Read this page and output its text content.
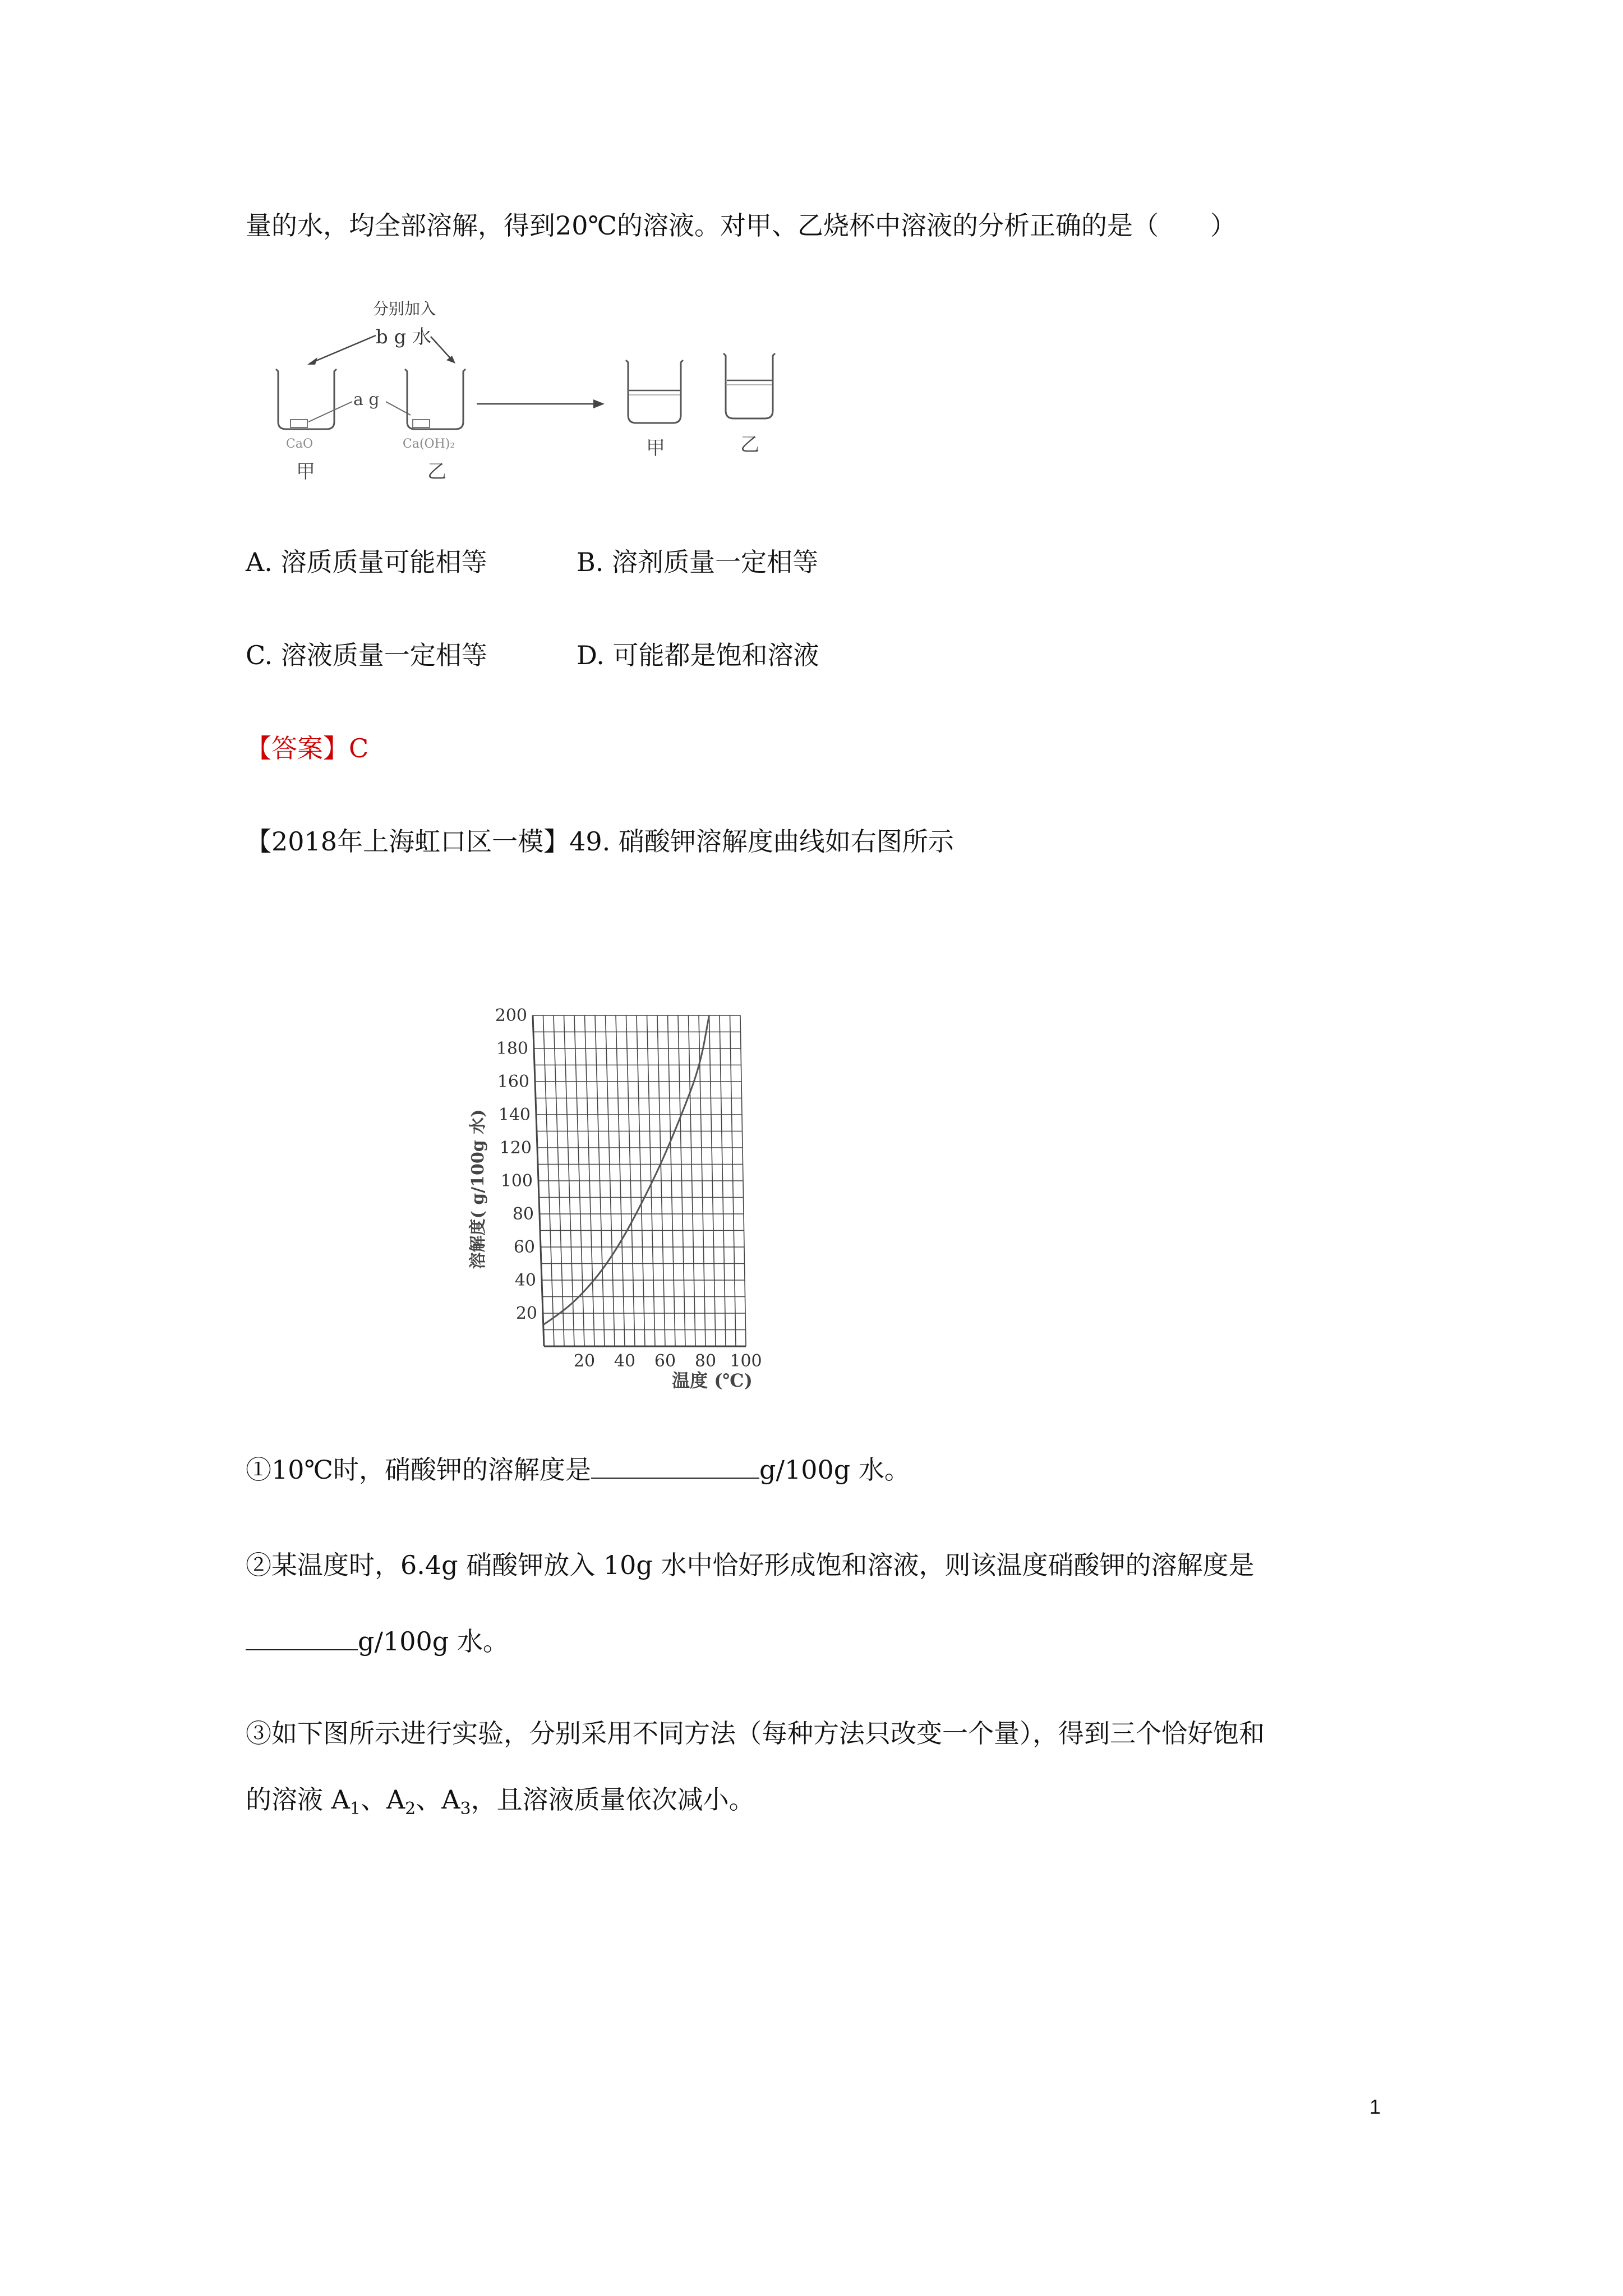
量的水，均全部溶解，得到20℃的溶液。对甲、乙烧杯中溶液的分析正确的是（　　）
分别加入
b g 水
CaO
甲
a g
Ca(OH)₂
乙
甲	乙
A. 溶质质量可能相等	B. 溶剂质量一定相等
C. 溶液质量一定相等	D. 可能都是饱和溶液
【答案】C
【2018年上海虹口区一模】49. 硝酸钾溶解度曲线如右图所示
20
40
60
80
100
120
140
160
180
200
20 40 60 80 100
溶解度( g/100g 水)
温度 (℃)
①10℃时，硝酸钾的溶解度是	g/100g 水。
②某温度时，6.4g 硝酸钾放入 10g 水中恰好形成饱和溶液，则该温度硝酸钾的溶解度是
g/100g 水。
③如下图所示进行实验，分别采用不同方法（每种方法只改变一个量），得到三个恰好饱和
的溶液 $A_1$、$A_2$、$A_3$，且溶液质量依次减小。
1
